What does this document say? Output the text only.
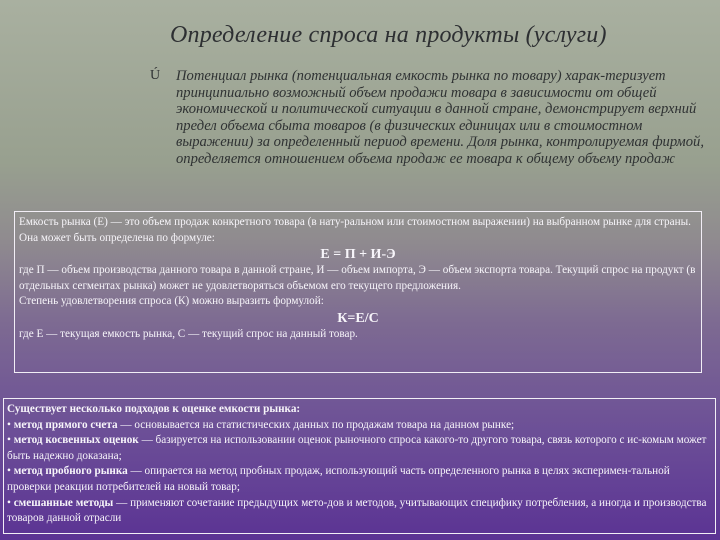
Определение спроса на продукты (услуги)
Ú Потенциал рынка (потенциальная емкость рынка по товару) харак-теризует принципиально возможный объем продажи товара в зависимости от общей экономической и политической ситуации в данной стране, демонстрирует верхний предел объема сбыта товаров (в физических единицах или в стоимостном выражении) за определенный период времени. Доля рынка, контролируемая фирмой, определяется отношением объема продаж ее товара к общему объему продаж

Емкость рынка (Е) — это объем продаж конкретного товара (в нату-ральном или стоимостном выражении) на выбранном рынке для страны. Она может быть определена по формуле:

Е = П + И-Э

где П — объем производства данного товара в данной стране, И — объем импорта, Э — объем экспорта товара. Текущий спрос на продукт (в отдельных сегментах рынка) может не удовлетворяться объемом его текущего предложения.

Степень удовлетворения спроса (К) можно выразить формулой:

К=Е/С

где Е — текущая емкость рынка, С — текущий спрос на данный товар.

Существует несколько подходов к оценке емкости рынка:

• метод прямого счета — основывается на статистических данных по продажам товара на данном рынке;

• метод косвенных оценок — базируется на использовании оценок рыночного спроса какого-то другого товара, связь которого с ис-комым может быть надежно доказана;

• метод пробного рынка — опирается на метод пробных продаж, использующий часть определенного рынка в целях эксперимен-тальной проверки реакции потребителей на новый товар;

• смешанные методы — применяют сочетание предыдущих мето-дов и методов, учитывающих специфику потребления, а иногда и производства товаров данной отрасли
